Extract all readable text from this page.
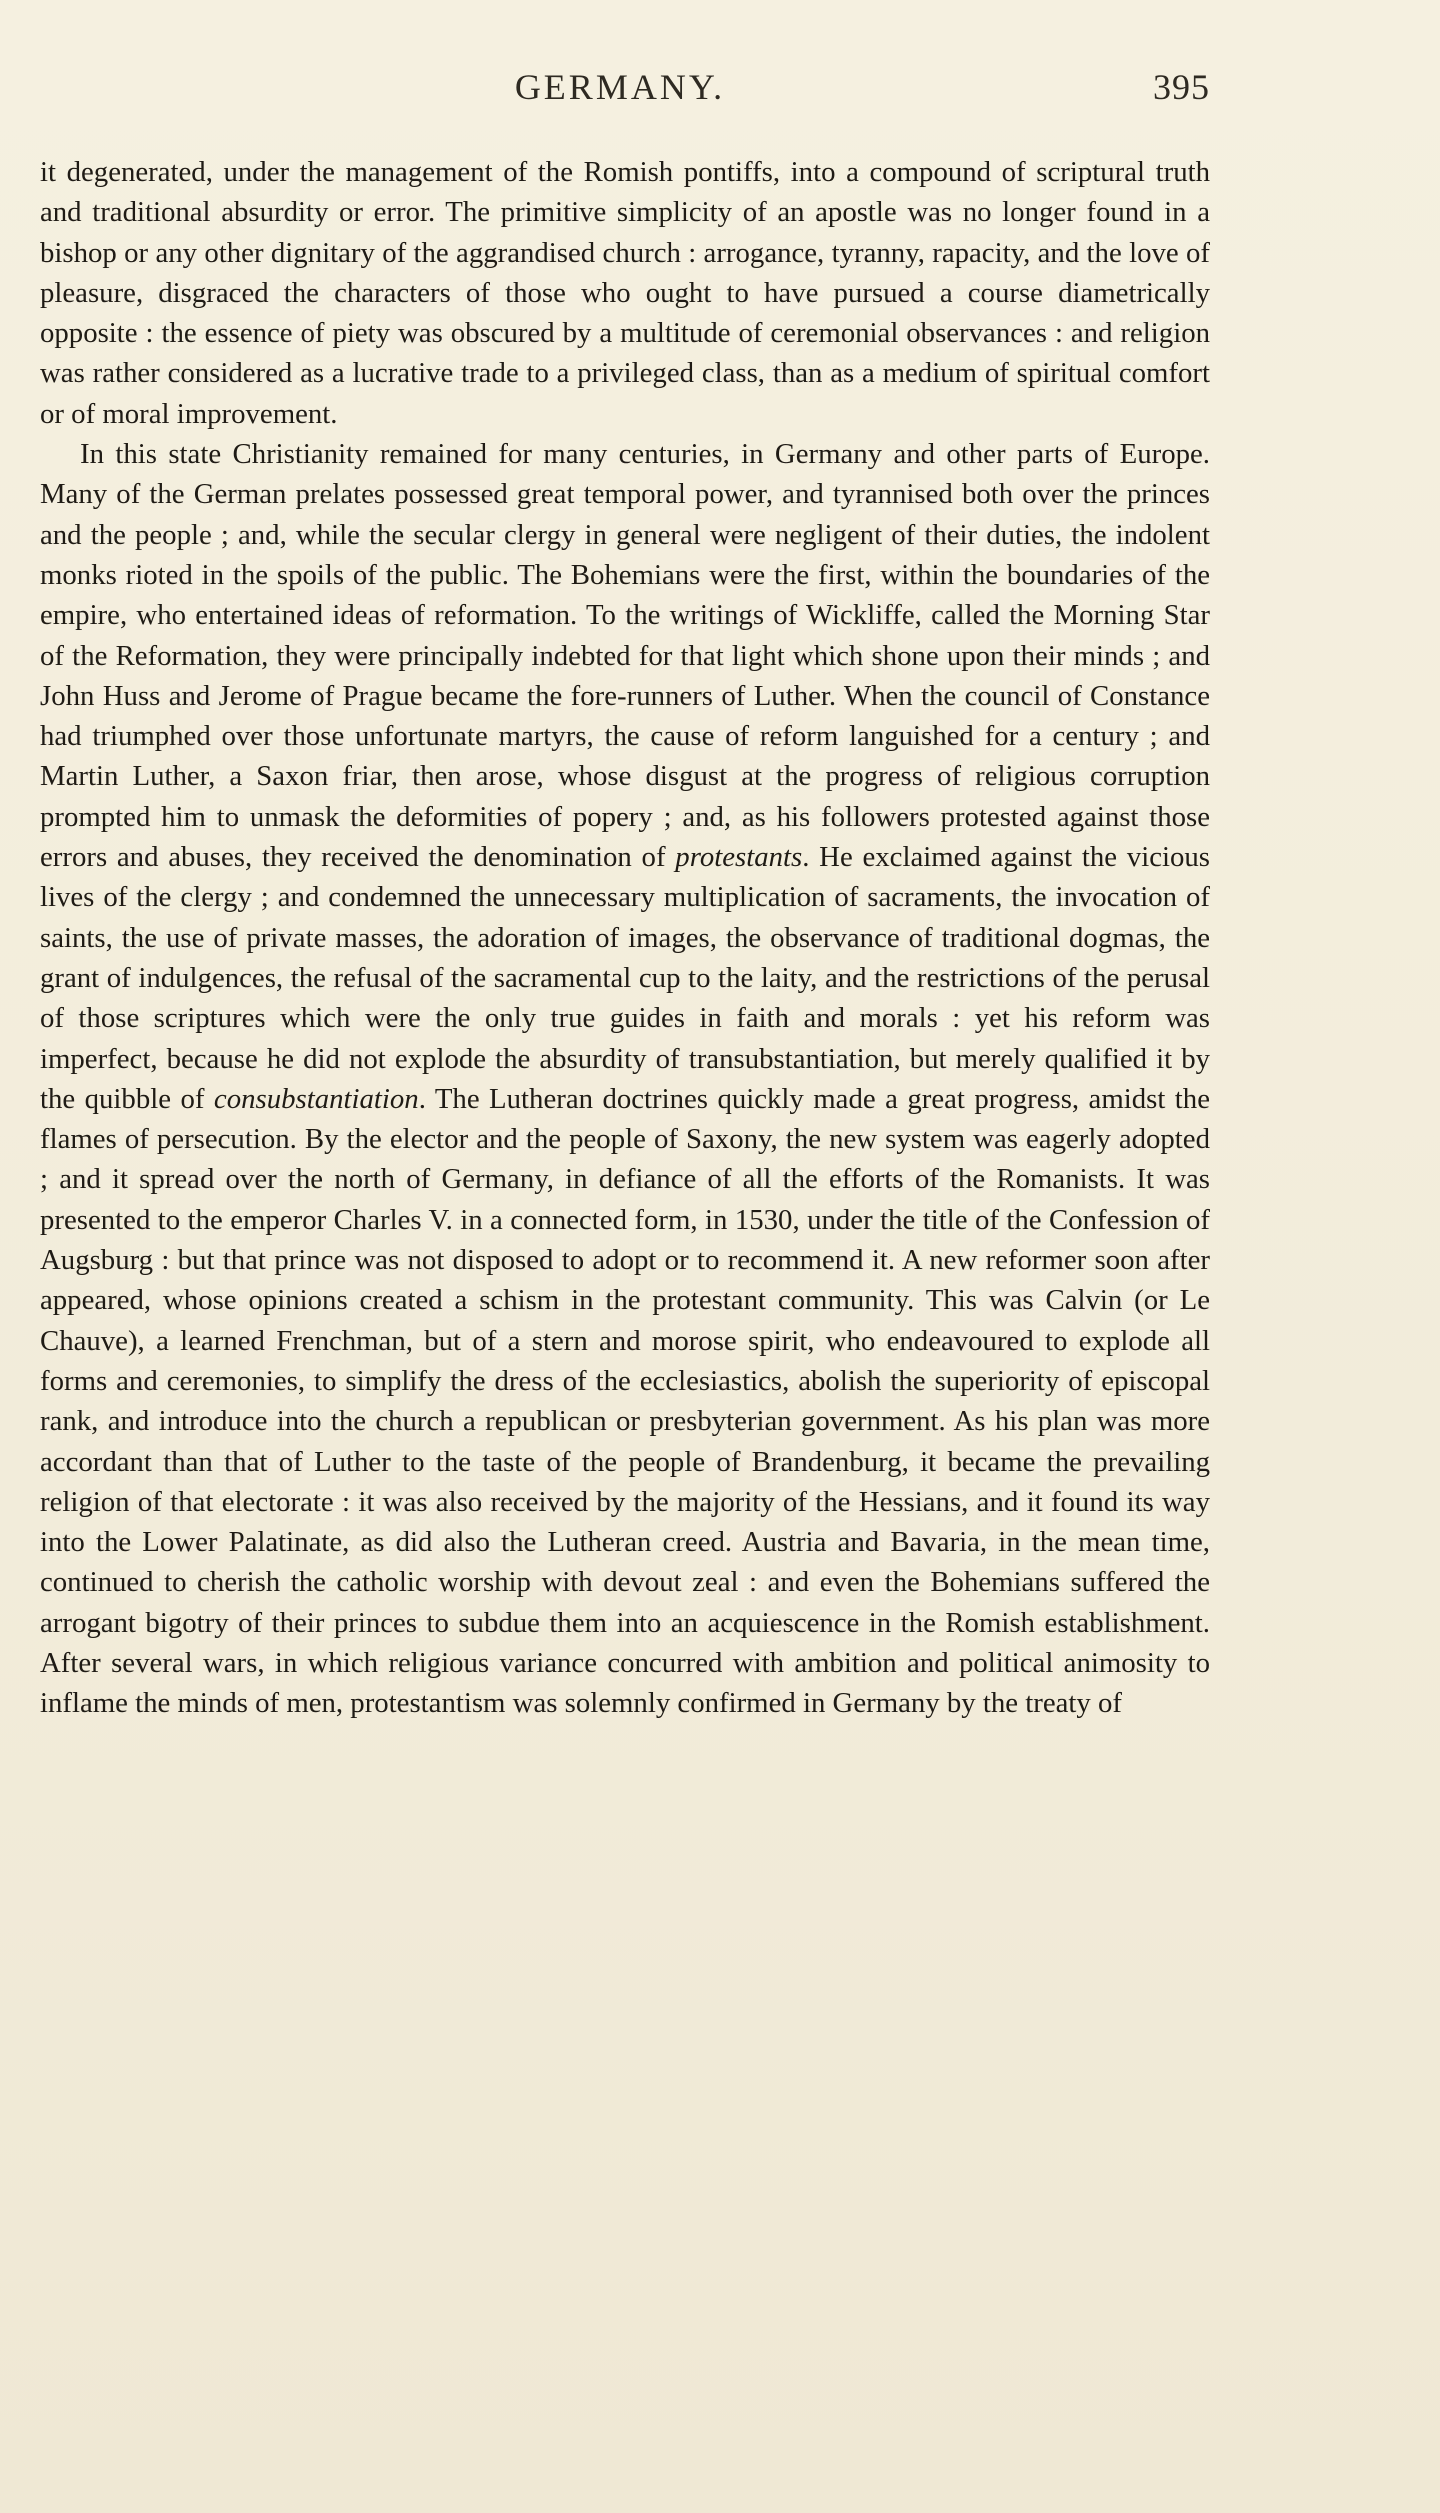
GERMANY.	395

it degenerated, under the management of the Romish pontiffs, into a compound of scriptural truth and traditional absurdity or error. The primitive simplicity of an apostle was no longer found in a bishop or any other dignitary of the aggrandised church : arrogance, tyranny, rapacity, and the love of pleasure, disgraced the characters of those who ought to have pursued a course diametrically opposite : the essence of piety was obscured by a multitude of ceremonial observances : and religion was rather considered as a lucrative trade to a privileged class, than as a medium of spiritual comfort or of moral improvement.

In this state Christianity remained for many centuries, in Germany and other parts of Europe. Many of the German prelates possessed great temporal power, and tyrannised both over the princes and the people ; and, while the secular clergy in general were negligent of their duties, the indolent monks rioted in the spoils of the public. The Bohemians were the first, within the boundaries of the empire, who entertained ideas of reformation. To the writings of Wickliffe, called the Morning Star of the Reformation, they were principally indebted for that light which shone upon their minds ; and John Huss and Jerome of Prague became the fore-runners of Luther. When the council of Constance had triumphed over those unfortunate martyrs, the cause of reform languished for a century ; and Martin Luther, a Saxon friar, then arose, whose disgust at the progress of religious corruption prompted him to unmask the deformities of popery ; and, as his followers protested against those errors and abuses, they received the denomination of protestants. He exclaimed against the vicious lives of the clergy ; and condemned the unnecessary multiplication of sacraments, the invocation of saints, the use of private masses, the adoration of images, the observance of traditional dogmas, the grant of indulgences, the refusal of the sacramental cup to the laity, and the restrictions of the perusal of those scriptures which were the only true guides in faith and morals : yet his reform was imperfect, because he did not explode the absurdity of transubstantiation, but merely qualified it by the quibble of consubstantiation. The Lutheran doctrines quickly made a great progress, amidst the flames of persecution. By the elector and the people of Saxony, the new system was eagerly adopted ; and it spread over the north of Germany, in defiance of all the efforts of the Romanists. It was presented to the emperor Charles V. in a connected form, in 1530, under the title of the Confession of Augsburg : but that prince was not disposed to adopt or to recommend it. A new reformer soon after appeared, whose opinions created a schism in the protestant community. This was Calvin (or Le Chauve), a learned Frenchman, but of a stern and morose spirit, who endeavoured to explode all forms and ceremonies, to simplify the dress of the ecclesiastics, abolish the superiority of episcopal rank, and introduce into the church a republican or presbyterian government. As his plan was more accordant than that of Luther to the taste of the people of Brandenburg, it became the prevailing religion of that electorate : it was also received by the majority of the Hessians, and it found its way into the Lower Palatinate, as did also the Lutheran creed. Austria and Bavaria, in the mean time, continued to cherish the catholic worship with devout zeal : and even the Bohemians suffered the arrogant bigotry of their princes to subdue them into an acquiescence in the Romish establishment. After several wars, in which religious variance concurred with ambition and political animosity to inflame the minds of men, protestantism was solemnly confirmed in Germany by the treaty of
